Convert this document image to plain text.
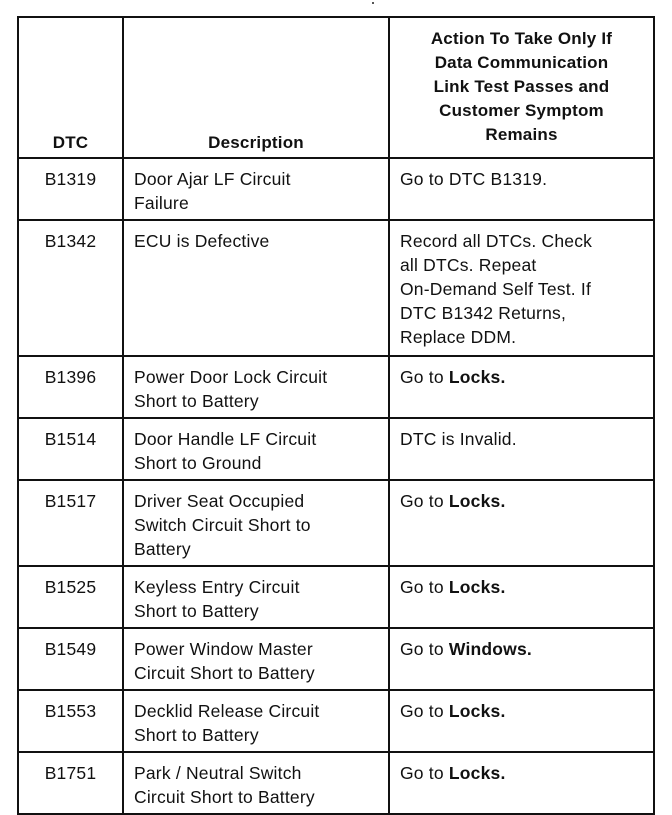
DTC	Description	Action To Take Only If
Data Communication
Link Test Passes and
Customer Symptom
Remains

B1319	Door Ajar LF Circuit
Failure	Go to DTC B1319.

B1342	ECU is Defective	Record all DTCs. Check
all DTCs. Repeat
On-Demand Self Test. If
DTC B1342 Returns,
Replace DDM.

B1396	Power Door Lock Circuit
Short to Battery	Go to Locks.

B1514	Door Handle LF Circuit
Short to Ground	DTC is Invalid.

B1517	Driver Seat Occupied
Switch Circuit Short to
Battery	Go to Locks.

B1525	Keyless Entry Circuit
Short to Battery	Go to Locks.

B1549	Power Window Master
Circuit Short to Battery	Go to Windows.

B1553	Decklid Release Circuit
Short to Battery	Go to Locks.

B1751	Park / Neutral Switch
Circuit Short to Battery	Go to Locks.
